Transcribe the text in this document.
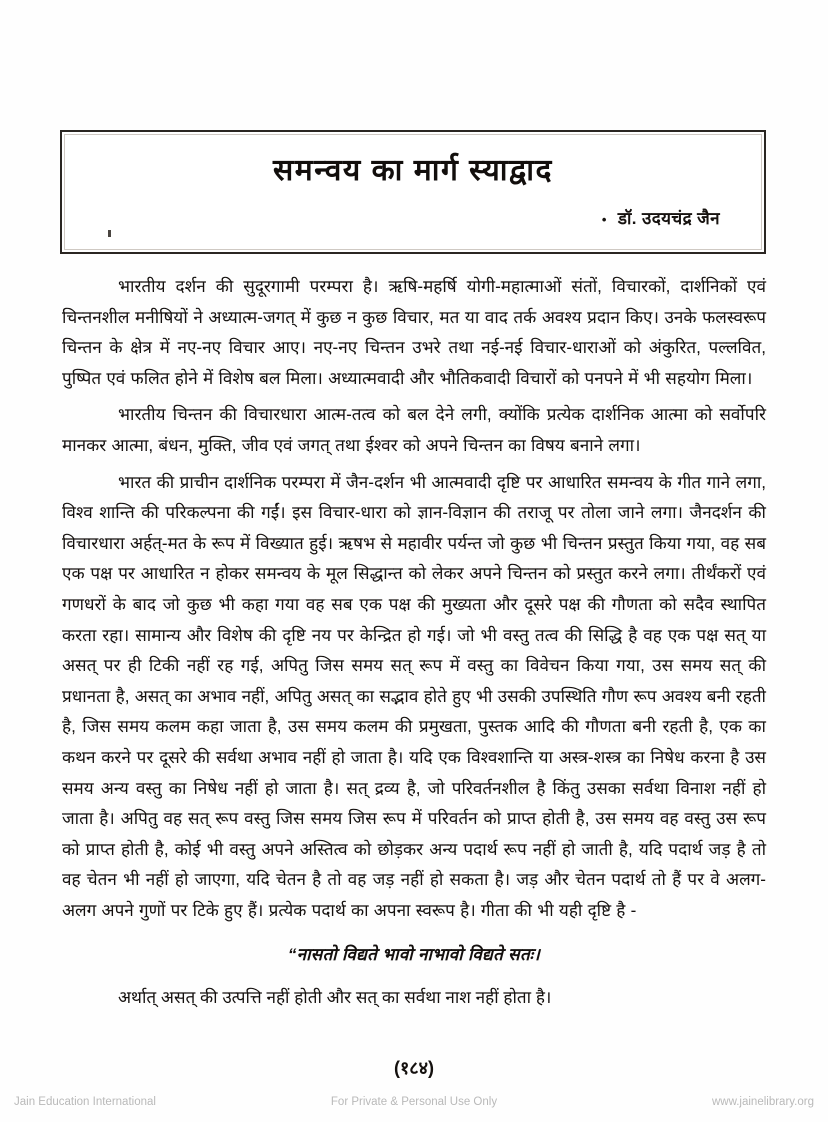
समन्वय का मार्ग स्याद्वाद
• डॉ. उदयचंद्र जैन

भारतीय दर्शन की सुदूरगामी परम्परा है। ऋषि-महर्षि योगी-महात्माओं संतों, विचारकों, दार्शनिकों एवं चिन्तनशील मनीषियों ने अध्यात्म-जगत् में कुछ न कुछ विचार, मत या वाद तर्क अवश्य प्रदान किए। उनके फलस्वरूप चिन्तन के क्षेत्र में नए-नए विचार आए। नए-नए चिन्तन उभरे तथा नई-नई विचार-धाराओं को अंकुरित, पल्लवित, पुष्पित एवं फलित होने में विशेष बल मिला। अध्यात्मवादी और भौतिकवादी विचारों को पनपने में भी सहयोग मिला।

भारतीय चिन्तन की विचारधारा आत्म-तत्व को बल देने लगी, क्योंकि प्रत्येक दार्शनिक आत्मा को सर्वोपरि मानकर आत्मा, बंधन, मुक्ति, जीव एवं जगत् तथा ईश्वर को अपने चिन्तन का विषय बनाने लगा।

भारत की प्राचीन दार्शनिक परम्परा में जैन-दर्शन भी आत्मवादी दृष्टि पर आधारित समन्वय के गीत गाने लगा, विश्व शान्ति की परिकल्पना की गईं। इस विचार-धारा को ज्ञान-विज्ञान की तराजू पर तोला जाने लगा। जैनदर्शन की विचारधारा अर्हत्-मत के रूप में विख्यात हुई। ऋषभ से महावीर पर्यन्त जो कुछ भी चिन्तन प्रस्तुत किया गया, वह सब एक पक्ष पर आधारित न होकर समन्वय के मूल सिद्धान्त को लेकर अपने चिन्तन को प्रस्तुत करने लगा। तीर्थंकरों एवं गणधरों के बाद जो कुछ भी कहा गया वह सब एक पक्ष की मुख्यता और दूसरे पक्ष की गौणता को सदैव स्थापित करता रहा। सामान्य और विशेष की दृष्टि नय पर केन्द्रित हो गई। जो भी वस्तु तत्व की सिद्धि है वह एक पक्ष सत् या असत् पर ही टिकी नहीं रह गई, अपितु जिस समय सत् रूप में वस्तु का विवेचन किया गया, उस समय सत् की प्रधानता है, असत् का अभाव नहीं, अपितु असत् का सद्भाव होते हुए भी उसकी उपस्थिति गौण रूप अवश्य बनी रहती है, जिस समय कलम कहा जाता है, उस समय कलम की प्रमुखता, पुस्तक आदि की गौणता बनी रहती है, एक का कथन करने पर दूसरे की सर्वथा अभाव नहीं हो जाता है। यदि एक विश्वशान्ति या अस्त्र-शस्त्र का निषेध करना है उस समय अन्य वस्तु का निषेध नहीं हो जाता है। सत् द्रव्य है, जो परिवर्तनशील है किंतु उसका सर्वथा विनाश नहीं हो जाता है। अपितु वह सत् रूप वस्तु जिस समय जिस रूप में परिवर्तन को प्राप्त होती है, उस समय वह वस्तु उस रूप को प्राप्त होती है, कोई भी वस्तु अपने अस्तित्व को छोड़कर अन्य पदार्थ रूप नहीं हो जाती है, यदि पदार्थ जड़ है तो वह चेतन भी नहीं हो जाएगा, यदि चेतन है तो वह जड़ नहीं हो सकता है। जड़ और चेतन पदार्थ तो हैं पर वे अलग-अलग अपने गुणों पर टिके हुए हैं। प्रत्येक पदार्थ का अपना स्वरूप है। गीता की भी यही दृष्टि है -

“नासतो विद्यते भावो नाभावो विद्यते सतः।
अर्थात् असत् की उत्पत्ति नहीं होती और सत् का सर्वथा नाश नहीं होता है।
(१८४)
Jain Education International	For Private & Personal Use Only	www.jainelibrary.org
